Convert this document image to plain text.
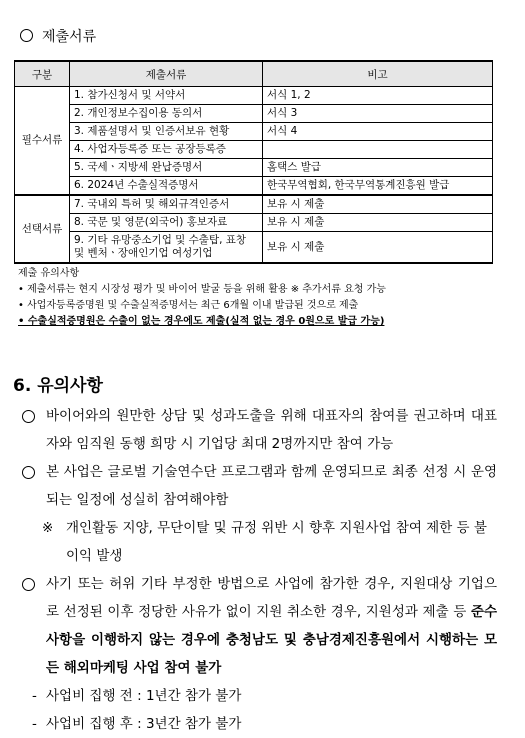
제출서류
구분	제출서류	비고
필수서류	1. 참가신청서 및 서약서	서식 1, 2
	2. 개인정보수집이용 동의서	서식 3
	3. 제품설명서 및 인증서보유 현황	서식 4
	4. 사업자등록증 또는 공장등록증	
	5. 국세ㆍ지방세 완납증명서	홈택스 발급
	6. 2024년 수출실적증명서	한국무역협회, 한국무역통계진흥원 발급
선택서류	7. 국내외 특허 및 해외규격인증서	보유 시 제출
	8. 국문 및 영문(외국어) 홍보자료	보유 시 제출
	9. 기타 유망중소기업 및 수출탑, 표창 및 벤처ㆍ장애인기업 여성기업	보유 시 제출
제출 유의사항
• 제출서류는 현지 시장성 평가 및 바이어 발굴 등을 위해 활용 ※ 추가서류 요청 가능
• 사업자등록증명원 및 수출실적증명서는 최근 6개월 이내 발급된 것으로 제출
• 수출실적증명원은 수출이 없는 경우에도 제출(실적 없는 경우 0원으로 발급 가능)
6. 유의사항
바이어와의 원만한 상담 및 성과도출을 위해 대표자의 참여를 권고하며 대표자와 임직원 동행 희망 시 기업당 최대 2명까지만 참여 가능
본 사업은 글로벌 기술연수단 프로그램과 함께 운영되므로 최종 선정 시 운영되는 일정에 성실히 참여해야함
※ 개인활동 지양, 무단이탈 및 규정 위반 시 향후 지원사업 참여 제한 등 불이익 발생
사기 또는 허위 기타 부정한 방법으로 사업에 참가한 경우, 지원대상 기업으로 선정된 이후 정당한 사유가 없이 지원 취소한 경우, 지원성과 제출 등 준수사항을 이행하지 않는 경우에 충청남도 및 충남경제진흥원에서 시행하는 모든 해외마케팅 사업 참여 불가
- 사업비 집행 전 : 1년간 참가 불가
- 사업비 집행 후 : 3년간 참가 불가
